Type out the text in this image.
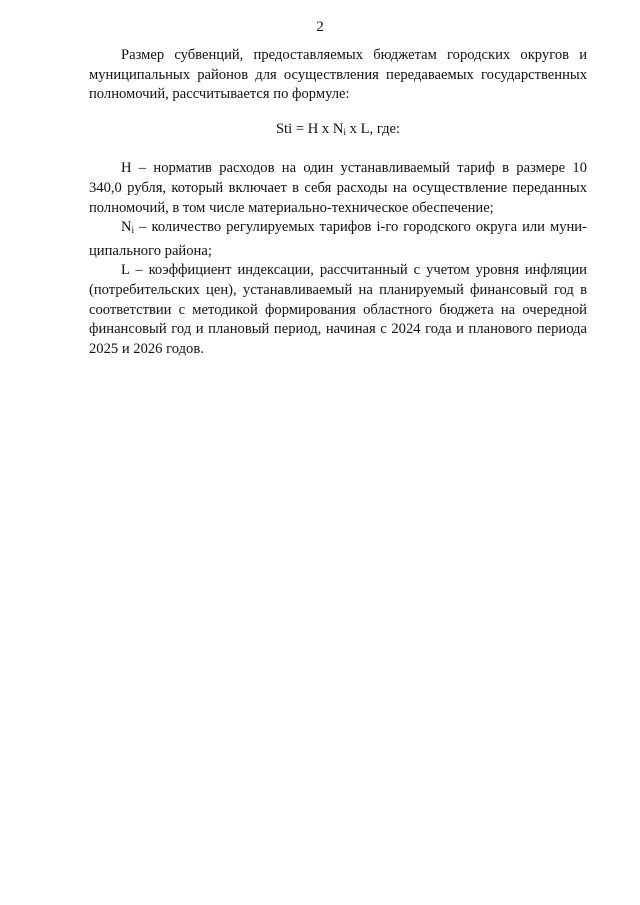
2

Размер субвенций, предоставляемых бюджетам городских округов и муниципальных районов для осуществления передаваемых государственных полномочий, рассчитывается по формуле:

Sti = Н х $N_i$ х L, где:

Н – норматив расходов на один устанавливаемый тариф в размере 10 340,0 рубля, который включает в себя расходы на осуществление переданных полномочий, в том числе материально-техническое обеспечение;

$N_i$ – количество регулируемых тарифов i-го городского округа или муниципального района;

L – коэффициент индексации, рассчитанный с учетом уровня инфляции (потребительских цен), устанавливаемый на планируемый финансовый год в соответствии с методикой формирования областного бюджета на очередной финансовый год и плановый период, начиная с 2024 года и планового периода 2025 и 2026 годов.
